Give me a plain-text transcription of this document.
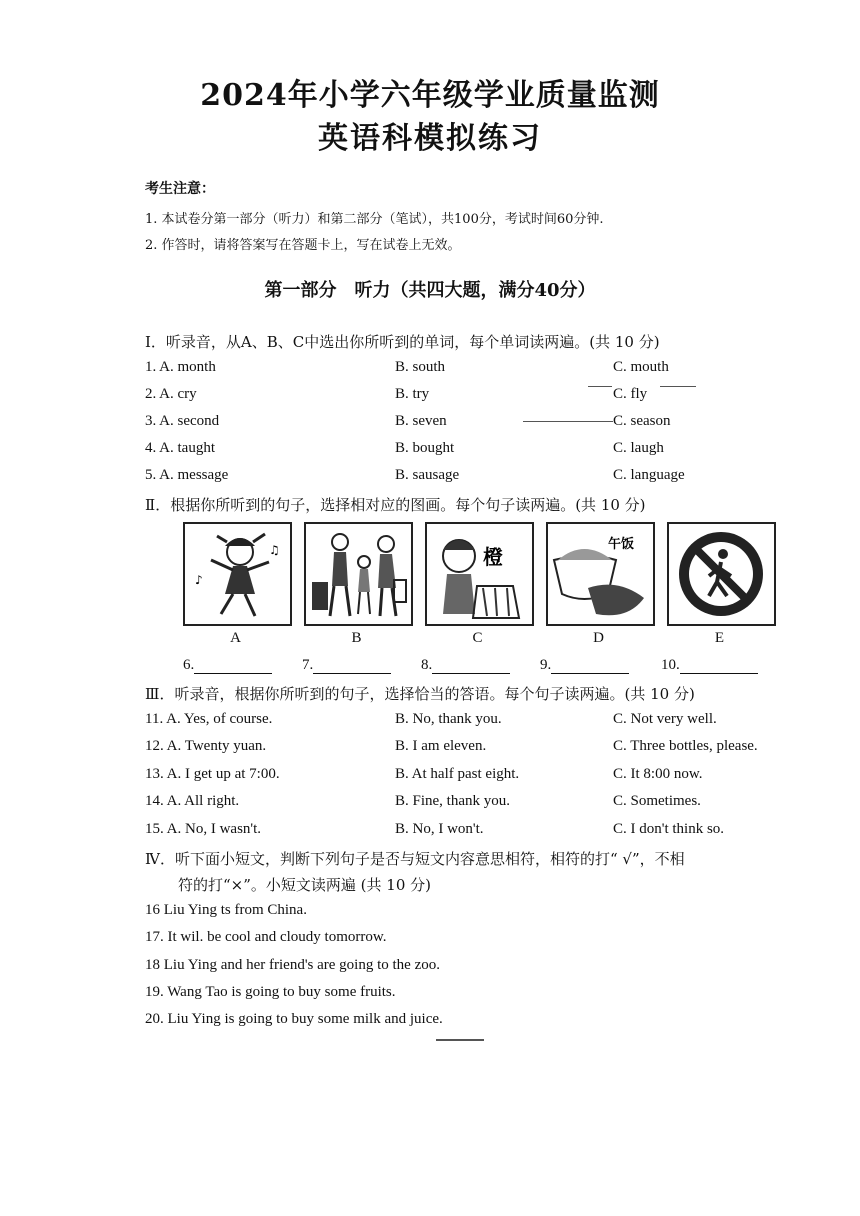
2024年小学六年级学业质量监测
英语科模拟练习
考生注意：
1. 本试卷分第一部分（听力）和第二部分（笔试），共100分，考试时间60分钟.
2. 作答时，请将答案写在答题卡上，写在试卷上无效。
第一部分　听力（共四大题，满分40分）
Ⅰ．听录音，从A、B、C中选出你所听到的单词，每个单词读两遍。(共 10 分)
1. A. month	B. south	C. mouth
2. A. cry	B. try	C. fly
3. A. second	B. seven	C. season
4. A. taught	B. bought	C. laugh
5. A. message	B. sausage	C. language
Ⅱ．根据你所听到的句子，选择相对应的图画。每个句子读两遍。(共 10 分)
♪
♫	橙
午饭
A	B	C	D	E
6.	7.	8.	9.	10.
Ⅲ．听录音，根据你所听到的句子，选择恰当的答语。每个句子读两遍。(共 10 分)
11. A. Yes, of course.	B. No, thank you.	C. Not very well.
12. A. Twenty yuan.	B. I am eleven.	C. Three bottles, please.
13. A. I get up at 7:00.	B. At half past eight.	C. It 8:00 now.
14. A. All right.	B. Fine, thank you.	C. Sometimes.
15. A. No, I wasn't.	B. No, I won't.	C. I don't think so.
Ⅳ．听下面小短文，判断下列句子是否与短文内容意思相符，相符的打“ √”，不相
符的打“×”。小短文读两遍 (共 10 分)
16 Liu Ying ts from China.
17. It wil. be cool and cloudy tomorrow.
18 Liu Ying and her friend's are going to the zoo.
19. Wang Tao is going to buy some fruits.
20. Liu Ying is going to buy some milk and juice.
